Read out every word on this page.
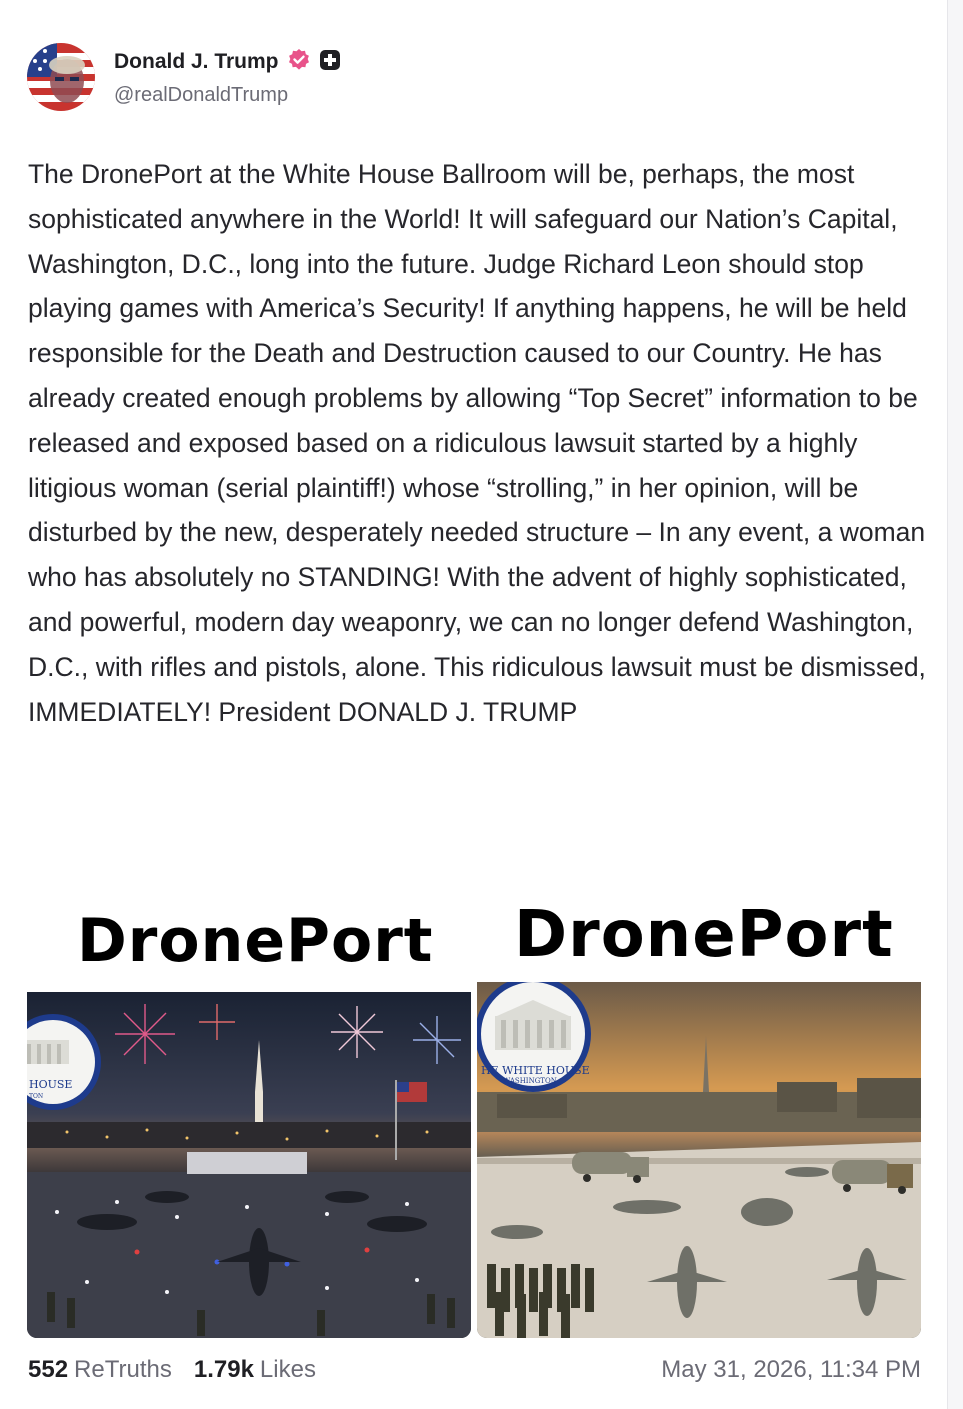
Donald J. Trump
@realDonaldTrump
The DronePort at the White House Ballroom will be, perhaps, the most sophisticated anywhere in the World! It will safeguard our Nation’s Capital, Washington, D.C., long into the future. Judge Richard Leon should stop playing games with America’s Security! If anything happens, he will be held responsible for the Death and Destruction caused to our Country. He has already created enough problems by allowing “Top Secret” information to be released and exposed based on a ridiculous lawsuit started by a highly litigious woman (serial plaintiff!) whose “strolling,” in her opinion, will be disturbed by the new, desperately needed structure – In any event, a woman who has absolutely no STANDING! With the advent of highly sophisticated, and powerful, modern day weaponry, we can no longer defend Washington, D.C., with rifles and pistols, alone. This ridiculous lawsuit must be dismissed, IMMEDIATELY! President DONALD J. TRUMP
DronePort
HOUSE
TON
DronePort
HE WHITE HOUSE
WASHINGTON
552 ReTruths 1.79k Likes	May 31, 2026, 11:34 PM
